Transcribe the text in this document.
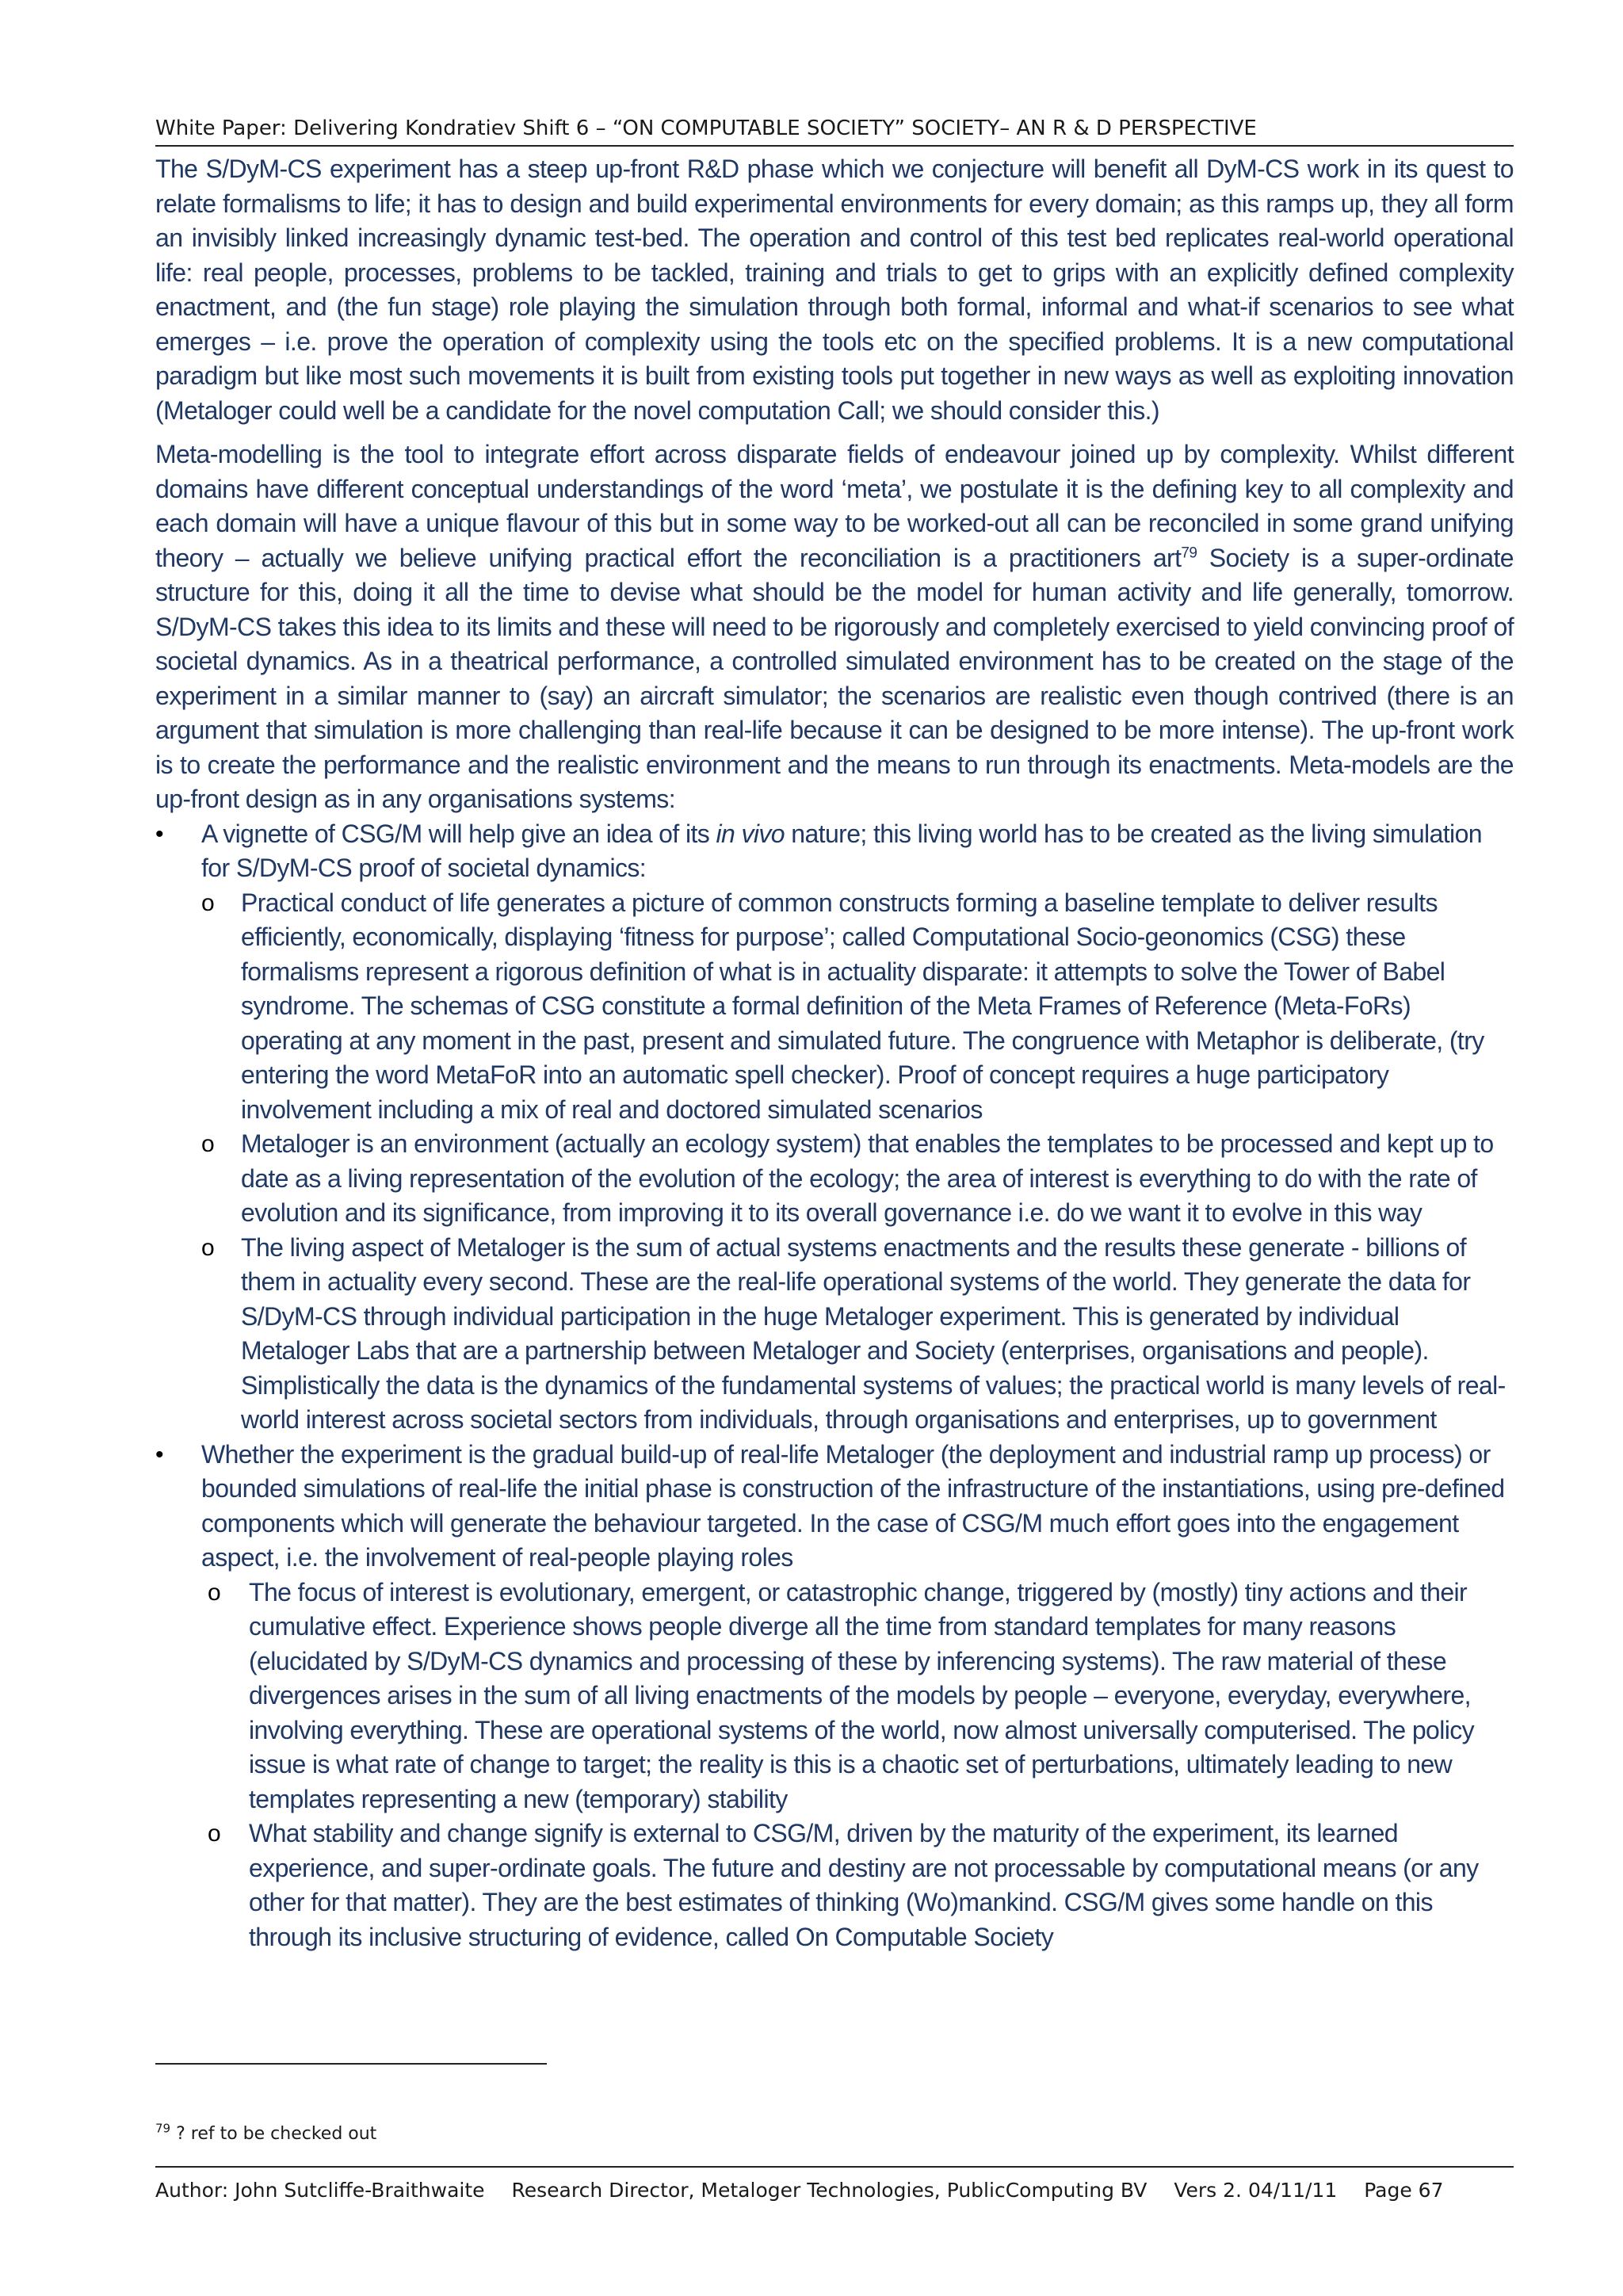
White Paper: Delivering Kondratiev Shift 6 – “ON COMPUTABLE SOCIETY” SOCIETY– AN R & D PERSPECTIVE

The S/DyM-CS experiment has a steep up-front R&D phase which we conjecture will benefit all DyM-CS work in its quest to relate formalisms to life; it has to design and build experimental environments for every domain; as this ramps up, they all form an invisibly linked increasingly dynamic test-bed. The operation and control of this test bed replicates real-world operational life: real people, processes, problems to be tackled, training and trials to get to grips with an explicitly defined complexity enactment, and (the fun stage) role playing the simulation through both formal, informal and what-if scenarios to see what emerges – i.e. prove the operation of complexity using the tools etc on the specified problems. It is a new computational paradigm but like most such movements it is built from existing tools put together in new ways as well as exploiting innovation (Metaloger could well be a candidate for the novel computation Call; we should consider this.)

Meta-modelling is the tool to integrate effort across disparate fields of endeavour joined up by complexity. Whilst different domains have different conceptual understandings of the word ‘meta’, we postulate it is the defining key to all complexity and each domain will have a unique flavour of this but in some way to be worked-out all can be reconciled in some grand unifying theory – actually we believe unifying practical effort the reconciliation is a practitioners art$^{79}$ Society is a super-ordinate structure for this, doing it all the time to devise what should be the model for human activity and life generally, tomorrow. S/DyM-CS takes this idea to its limits and these will need to be rigorously and completely exercised to yield convincing proof of societal dynamics. As in a theatrical performance, a controlled simulated environment has to be created on the stage of the experiment in a similar manner to (say) an aircraft simulator; the scenarios are realistic even though contrived (there is an argument that simulation is more challenging than real-life because it can be designed to be more intense). The up-front work is to create the performance and the realistic environment and the means to run through its enactments. Meta-models are the up-front design as in any organisations systems:

• A vignette of CSG/M will help give an idea of its in vivo nature; this living world has to be created as the living simulation for S/DyM-CS proof of societal dynamics:
o Practical conduct of life generates a picture of common constructs forming a baseline template to deliver results efficiently, economically, displaying ‘fitness for purpose’; called Computational Socio-geonomics (CSG) these formalisms represent a rigorous definition of what is in actuality disparate: it attempts to solve the Tower of Babel syndrome. The schemas of CSG constitute a formal definition of the Meta Frames of Reference (Meta-FoRs) operating at any moment in the past, present and simulated future. The congruence with Metaphor is deliberate, (try entering the word MetaFoR into an automatic spell checker). Proof of concept requires a huge participatory involvement including a mix of real and doctored simulated scenarios
o Metaloger is an environment (actually an ecology system) that enables the templates to be processed and kept up to date as a living representation of the evolution of the ecology; the area of interest is everything to do with the rate of evolution and its significance, from improving it to its overall governance i.e. do we want it to evolve in this way
o The living aspect of Metaloger is the sum of actual systems enactments and the results these generate - billions of them in actuality every second. These are the real-life operational systems of the world. They generate the data for S/DyM-CS through individual participation in the huge Metaloger experiment. This is generated by individual Metaloger Labs that are a partnership between Metaloger and Society (enterprises, organisations and people). Simplistically the data is the dynamics of the fundamental systems of values; the practical world is many levels of real-world interest across societal sectors from individuals, through organisations and enterprises, up to government
• Whether the experiment is the gradual build-up of real-life Metaloger (the deployment and industrial ramp up process) or bounded simulations of real-life the initial phase is construction of the infrastructure of the instantiations, using pre-defined components which will generate the behaviour targeted. In the case of CSG/M much effort goes into the engagement aspect, i.e. the involvement of real-people playing roles
o The focus of interest is evolutionary, emergent, or catastrophic change, triggered by (mostly) tiny actions and their cumulative effect. Experience shows people diverge all the time from standard templates for many reasons (elucidated by S/DyM-CS dynamics and processing of these by inferencing systems). The raw material of these divergences arises in the sum of all living enactments of the models by people – everyone, everyday, everywhere, involving everything. These are operational systems of the world, now almost universally computerised. The policy issue is what rate of change to target; the reality is this is a chaotic set of perturbations, ultimately leading to new templates representing a new (temporary) stability
o What stability and change signify is external to CSG/M, driven by the maturity of the experiment, its learned experience, and super-ordinate goals. The future and destiny are not processable by computational means (or any other for that matter). They are the best estimates of thinking (Wo)mankind. CSG/M gives some handle on this through its inclusive structuring of evidence, called On Computable Society
$^{79}$ ? ref to be checked out
Author: John Sutcliffe-Braithwaite Research Director, Metaloger Technologies, PublicComputing BV Vers 2. 04/11/11 Page 67
